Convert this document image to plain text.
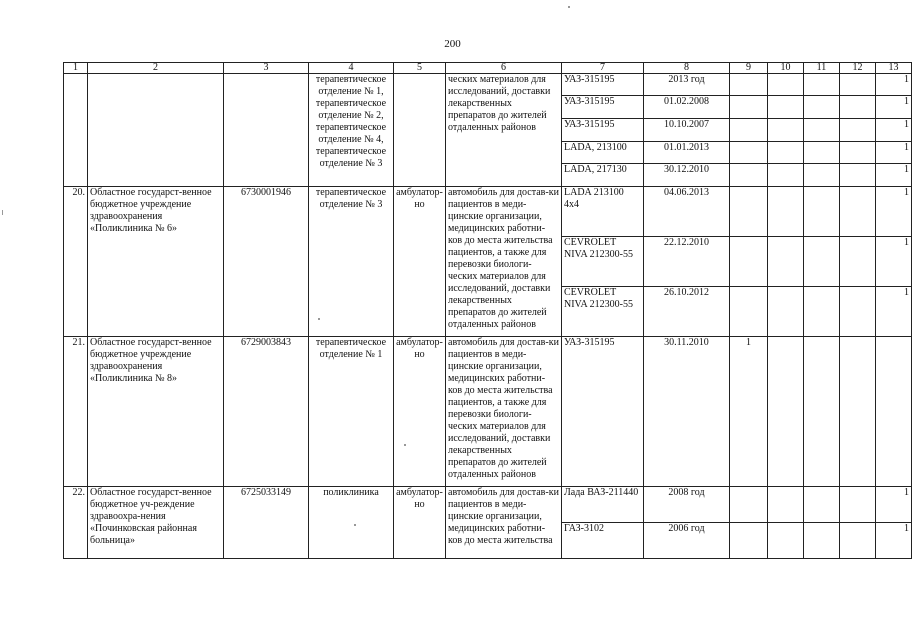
200
1	2	3	4	5	6	7	8	9	10	11	12	13
			терапевтическое отделение № 1, терапевтическое отделение № 2, терапевтическое отделение № 4, терапевтическое отделение № 3		ческих материалов для исследований, доставки лекарственных препаратов до жителей отдаленных районов	УАЗ-315195	2013 год					1
						УАЗ-315195	01.02.2008					1
						УАЗ-315195	10.10.2007					1
						LADA, 213100	01.01.2013					1
						LADA, 217130	30.12.2010					1
20.	Областное государст-венное бюджетное учреждение здравоохранения «Поликлиника № 6»	6730001946	терапевтическое отделение № 3	амбулатор-но	автомобиль для достав-ки пациентов в меди-цинские организации, медицинских работни-ков до места жительства пациентов, а также для перевозки биологи-ческих материалов для исследований, доставки лекарственных препаратов до жителей отдаленных районов	LADA 213100 4x4	04.06.2013					1
						CEVROLET NIVA 212300-55	22.12.2010					1
						CEVROLET NIVA 212300-55	26.10.2012					1
21.	Областное государст-венное бюджетное учреждение здравоохранения «Поликлиника № 8»	6729003843	терапевтическое отделение № 1	амбулатор-но	автомобиль для достав-ки пациентов в меди-цинские организации, медицинских работни-ков до места жительства пациентов, а также для перевозки биологи-ческих материалов для исследований, доставки лекарственных препаратов до жителей отдаленных районов	УАЗ-315195	30.11.2010	1				
22.	Областное государст-венное бюджетное уч-реждение здравоохра-нения «Починковская районная больница»	6725033149	поликлиника	амбулатор-но	автомобиль для достав-ки пациентов в меди-цинские организации, медицинских работни-ков до места жительства	Лада ВАЗ-211440	2008 год					1
						ГАЗ-3102	2006 год					1
